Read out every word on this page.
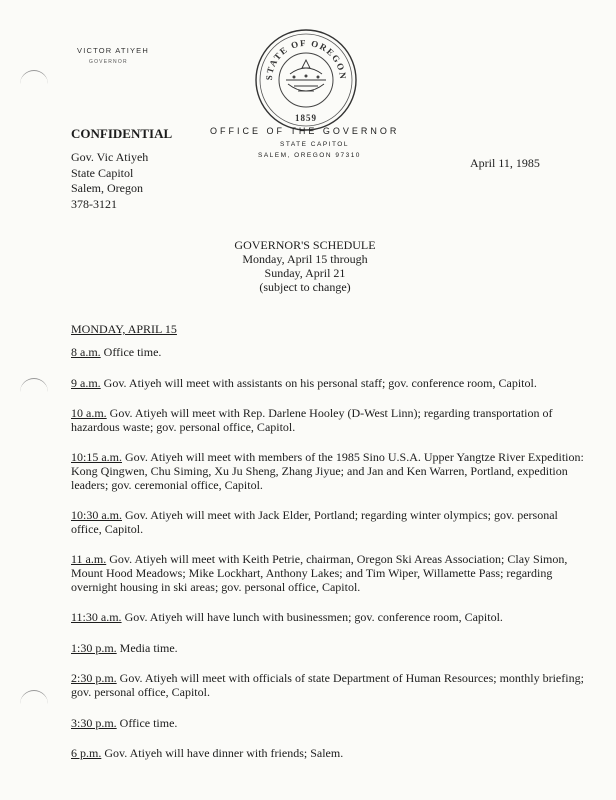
VICTOR ATIYEH
GOVERNOR
STATE OF OREGON
1859
CONFIDENTIAL	OFFICE OF THE GOVERNOR
STATE CAPITOL
SALEM, OREGON 97310
April 11, 1985
Gov. Vic Atiyeh
State Capitol
Salem, Oregon
378-3121
GOVERNOR'S SCHEDULE
Monday, April 15 through
Sunday, April 21
(subject to change)
MONDAY, APRIL 15
8 a.m. Office time.
9 a.m. Gov. Atiyeh will meet with assistants on his personal staff; gov. conference room, Capitol.
10 a.m. Gov. Atiyeh will meet with Rep. Darlene Hooley (D-West Linn); regarding transportation of hazardous waste; gov. personal office, Capitol.
10:15 a.m. Gov. Atiyeh will meet with members of the 1985 Sino U.S.A. Upper Yangtze River Expedition: Kong Qingwen, Chu Siming, Xu Ju Sheng, Zhang Jiyue; and Jan and Ken Warren, Portland, expedition leaders; gov. ceremonial office, Capitol.
10:30 a.m. Gov. Atiyeh will meet with Jack Elder, Portland; regarding winter olympics; gov. personal office, Capitol.
11 a.m. Gov. Atiyeh will meet with Keith Petrie, chairman, Oregon Ski Areas Association; Clay Simon, Mount Hood Meadows; Mike Lockhart, Anthony Lakes; and Tim Wiper, Willamette Pass; regarding overnight housing in ski areas; gov. personal office, Capitol.
11:30 a.m. Gov. Atiyeh will have lunch with businessmen; gov. conference room, Capitol.
1:30 p.m. Media time.
2:30 p.m. Gov. Atiyeh will meet with officials of state Department of Human Resources; monthly briefing; gov. personal office, Capitol.
3:30 p.m. Office time.
6 p.m. Gov. Atiyeh will have dinner with friends; Salem.
